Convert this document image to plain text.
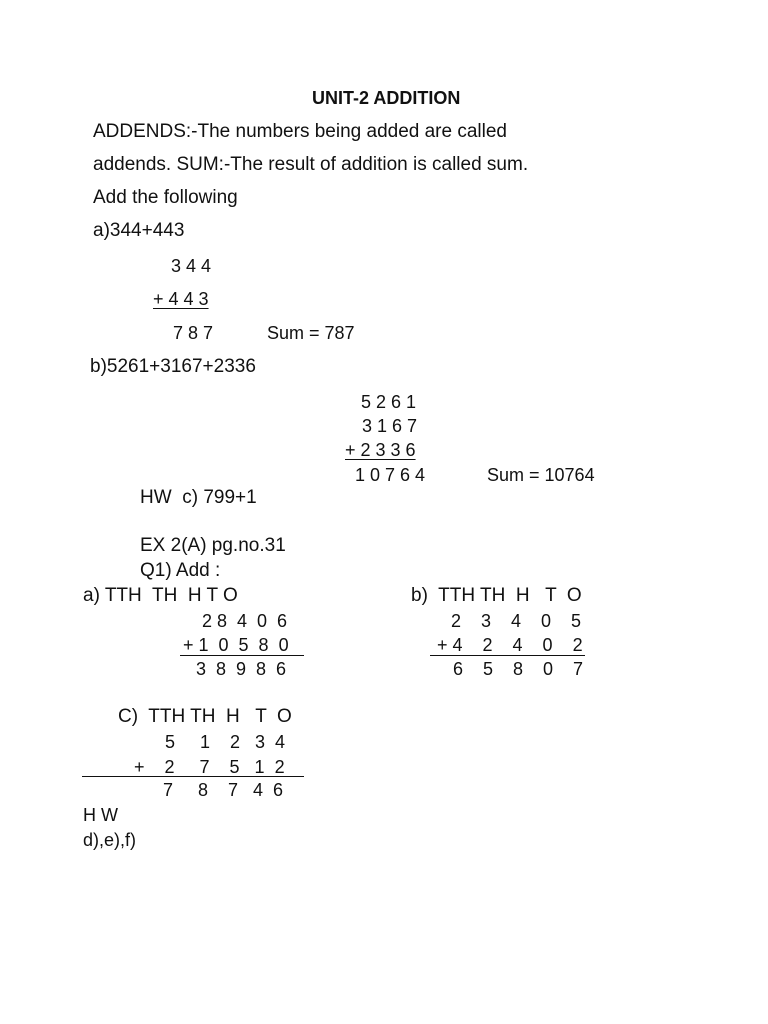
UNIT-2 ADDITION
ADDENDS:-The numbers being added are called
addends. SUM:-The result of addition is called sum.
Add the following
a)344+443
3 4 4
+ 4 4 3
7 8 7	Sum = 787
b)5261+3167+2336
5 2 6 1
3 1 6 7
+ 2 3 3 6
1 0 7 6 4	Sum = 10764
HW  c) 799+1
EX 2(A) pg.no.31
Q1) Add :
a) TTH  TH  H T O
2 8  4  0  6
+ 1  0  5  8  0
3  8  9  8  6
b)  TTH TH  H   T  O
2    3    4    0    5
+ 4    2    4    0    2
6    5    8    0    7
C)  TTH TH  H   T  O
5     1    2   3  4
+    2     7    5   1  2
7     8    7   4  6
H W
d),e),f)
